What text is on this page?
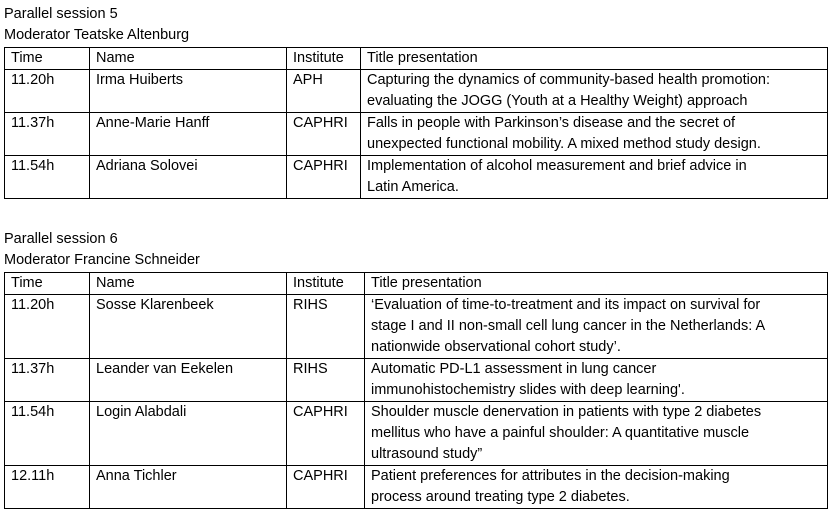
Parallel session 5
Moderator Teatske Altenburg
Time	Name	Institute	Title presentation

11.20h	Irma Huiberts	APH	Capturing the dynamics of community-based health promotion:
evaluating the JOGG (Youth at a Healthy Weight) approach

11.37h	Anne-Marie Hanff	CAPHRI	Falls in people with Parkinson’s disease and the secret of
unexpected functional mobility. A mixed method study design.

11.54h	Adriana Solovei	CAPHRI	Implementation of alcohol measurement and brief advice in
Latin America.
Parallel session 6
Moderator Francine Schneider
Time	Name	Institute	Title presentation

11.20h	Sosse Klarenbeek	RIHS	‘Evaluation of time-to-treatment and its impact on survival for
stage I and II non-small cell lung cancer in the Netherlands: A
nationwide observational cohort study’.

11.37h	Leander van Eekelen	RIHS	Automatic PD-L1 assessment in lung cancer
immunohistochemistry slides with deep learning'.

11.54h	Login Alabdali	CAPHRI	Shoulder muscle denervation in patients with type 2 diabetes
mellitus who have a painful shoulder: A quantitative muscle
ultrasound study”

12.11h	Anna Tichler	CAPHRI	Patient preferences for attributes in the decision-making
process around treating type 2 diabetes.
